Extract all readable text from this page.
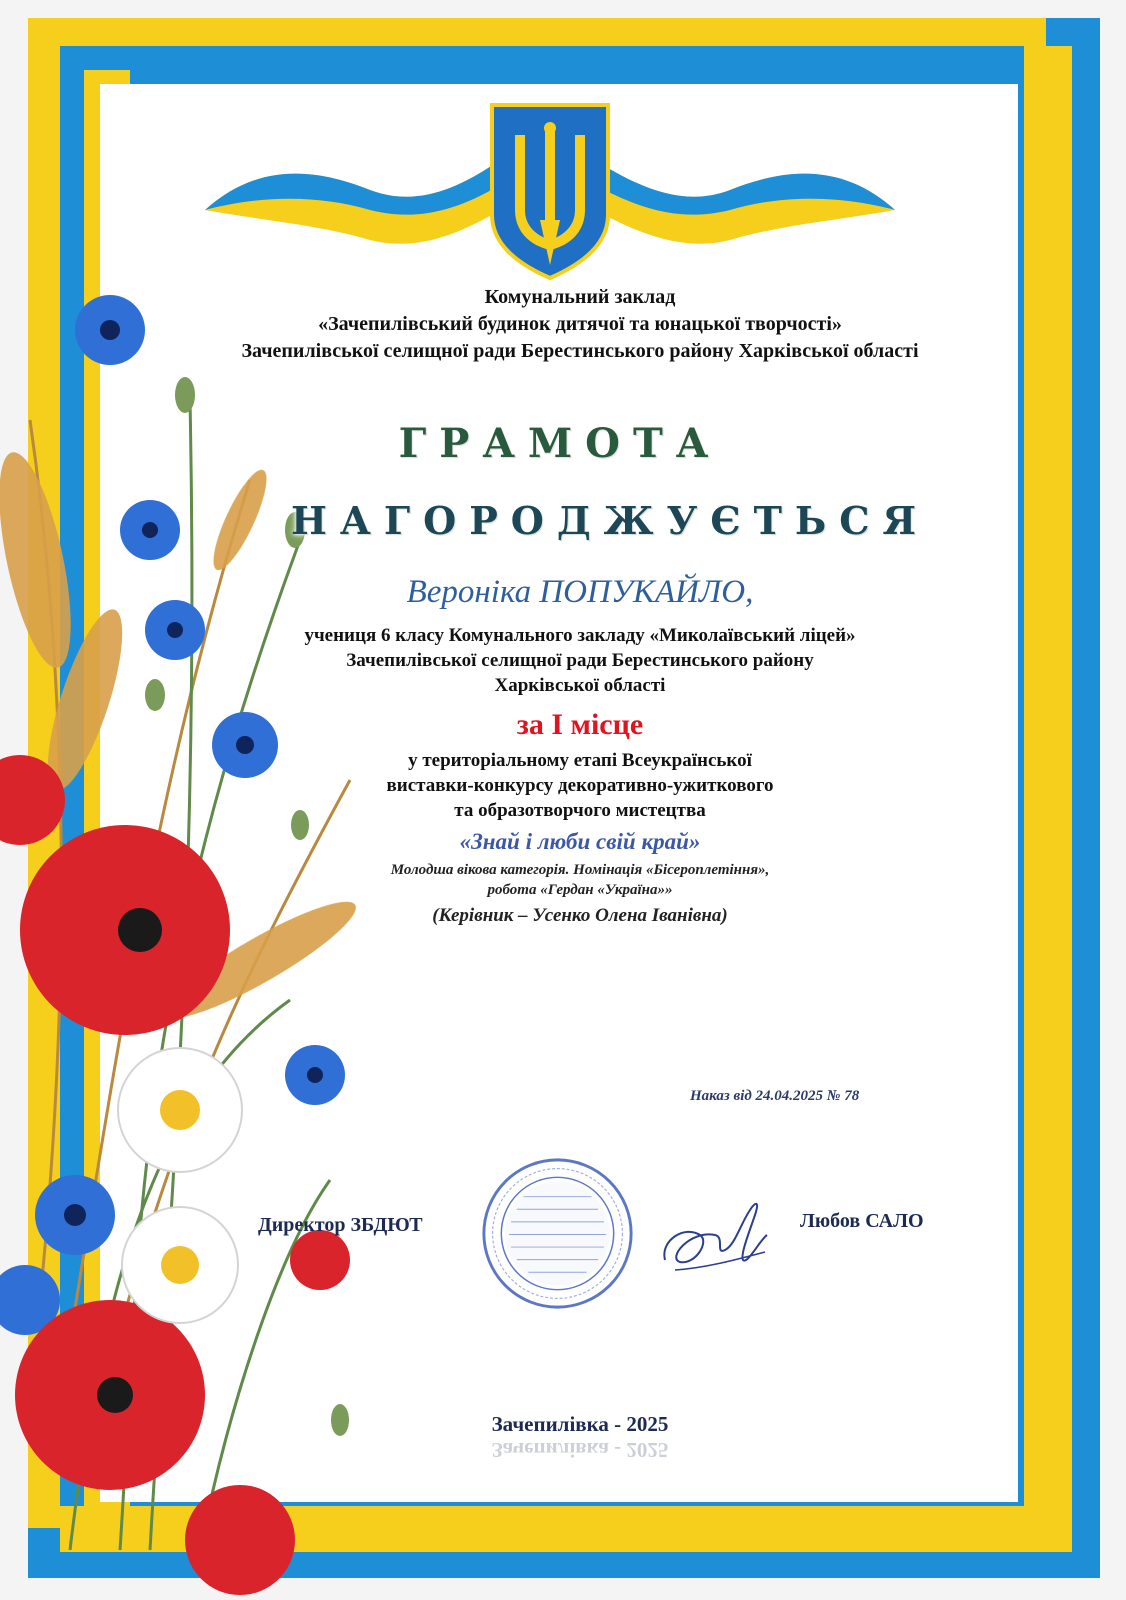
Комунальний заклад
«Зачепилівський будинок дитячої та юнацької творчості»
Зачепилівської селищної ради Берестинського району Харківської області
ГРАМОТА
НАГОРОДЖУЄТЬСЯ
Вероніка ПОПУКАЙЛО,
учениця 6 класу Комунального закладу «Миколаївський ліцей»
Зачепилівської селищної ради Берестинського району
Харківської області
за І місце
у територіальному етапі Всеукраїнської
виставки-конкурсу декоративно-ужиткового
та образотворчого мистецтва
«Знай і люби свій край»
Молодша вікова категорія. Номінація «Бісероплетіння»,
робота «Гердан «Україна»»
(Керівник – Усенко Олена Іванівна)
Наказ від 24.04.2025 № 78
Директор ЗБДЮТ	Любов САЛО
Зачепилівка - 2025
Зачепилівка - 2025
